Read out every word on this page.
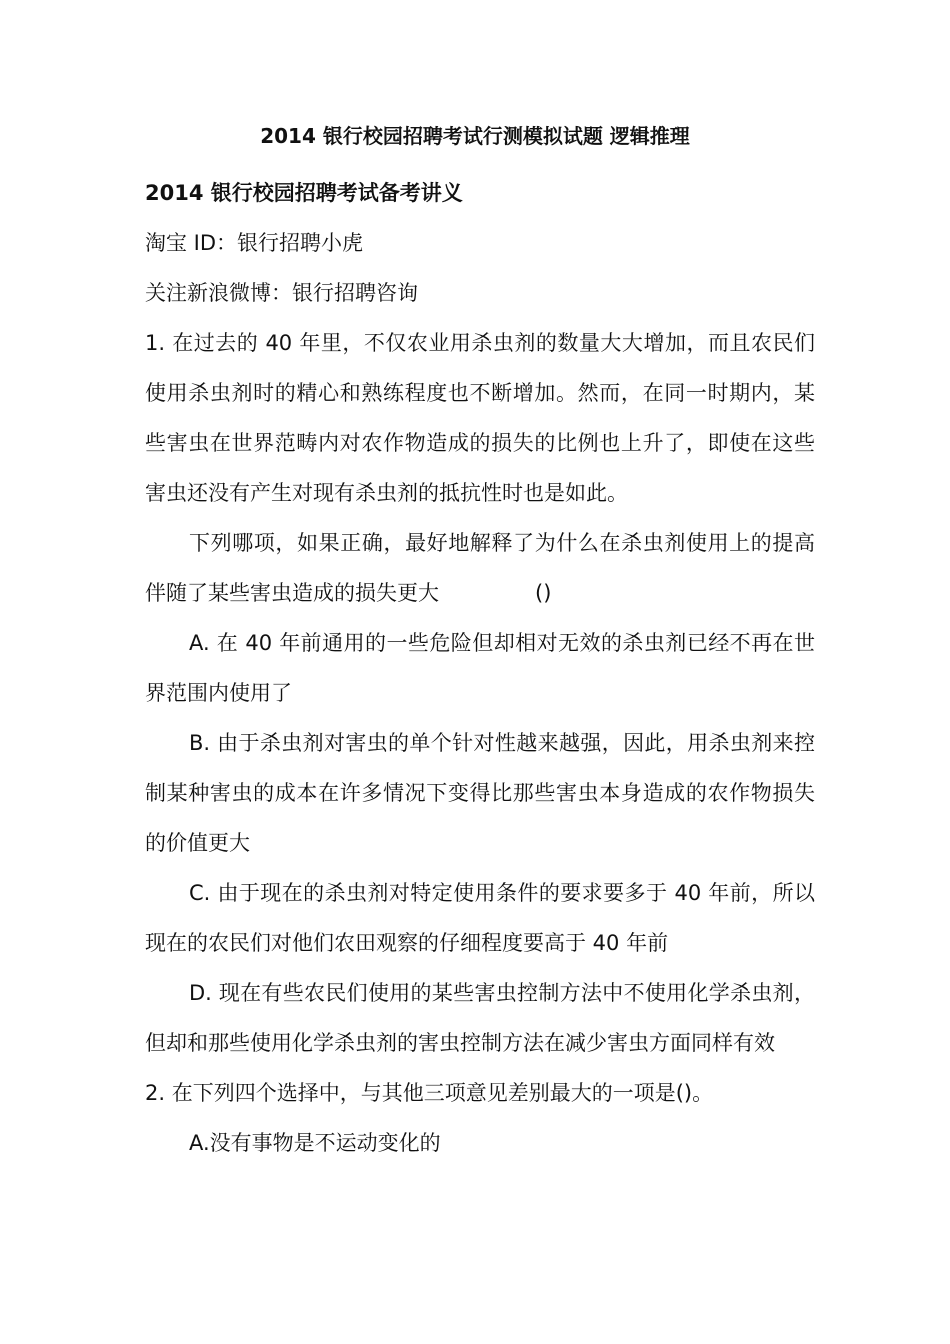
2014 银行校园招聘考试行测模拟试题 逻辑推理

2014 银行校园招聘考试备考讲义

淘宝 ID：银行招聘小虎

关注新浪微博：银行招聘咨询

1. 在过去的 40 年里，不仅农业用杀虫剂的数量大大增加，而且农民们使用杀虫剂时的精心和熟练程度也不断增加。然而，在同一时期内，某些害虫在世界范畴内对农作物造成的损失的比例也上升了，即使在这些害虫还没有产生对现有杀虫剂的抵抗性时也是如此。

下列哪项，如果正确，最好地解释了为什么在杀虫剂使用上的提高伴随了某些害虫造成的损失更大	()

A. 在 40 年前通用的一些危险但却相对无效的杀虫剂已经不再在世界范围内使用了

B. 由于杀虫剂对害虫的单个针对性越来越强，因此，用杀虫剂来控制某种害虫的成本在许多情况下变得比那些害虫本身造成的农作物损失的价值更大

C. 由于现在的杀虫剂对特定使用条件的要求要多于 40 年前，所以现在的农民们对他们农田观察的仔细程度要高于 40 年前

D. 现在有些农民们使用的某些害虫控制方法中不使用化学杀虫剂，但却和那些使用化学杀虫剂的害虫控制方法在减少害虫方面同样有效

2. 在下列四个选择中，与其他三项意见差别最大的一项是()。

A.没有事物是不运动变化的
